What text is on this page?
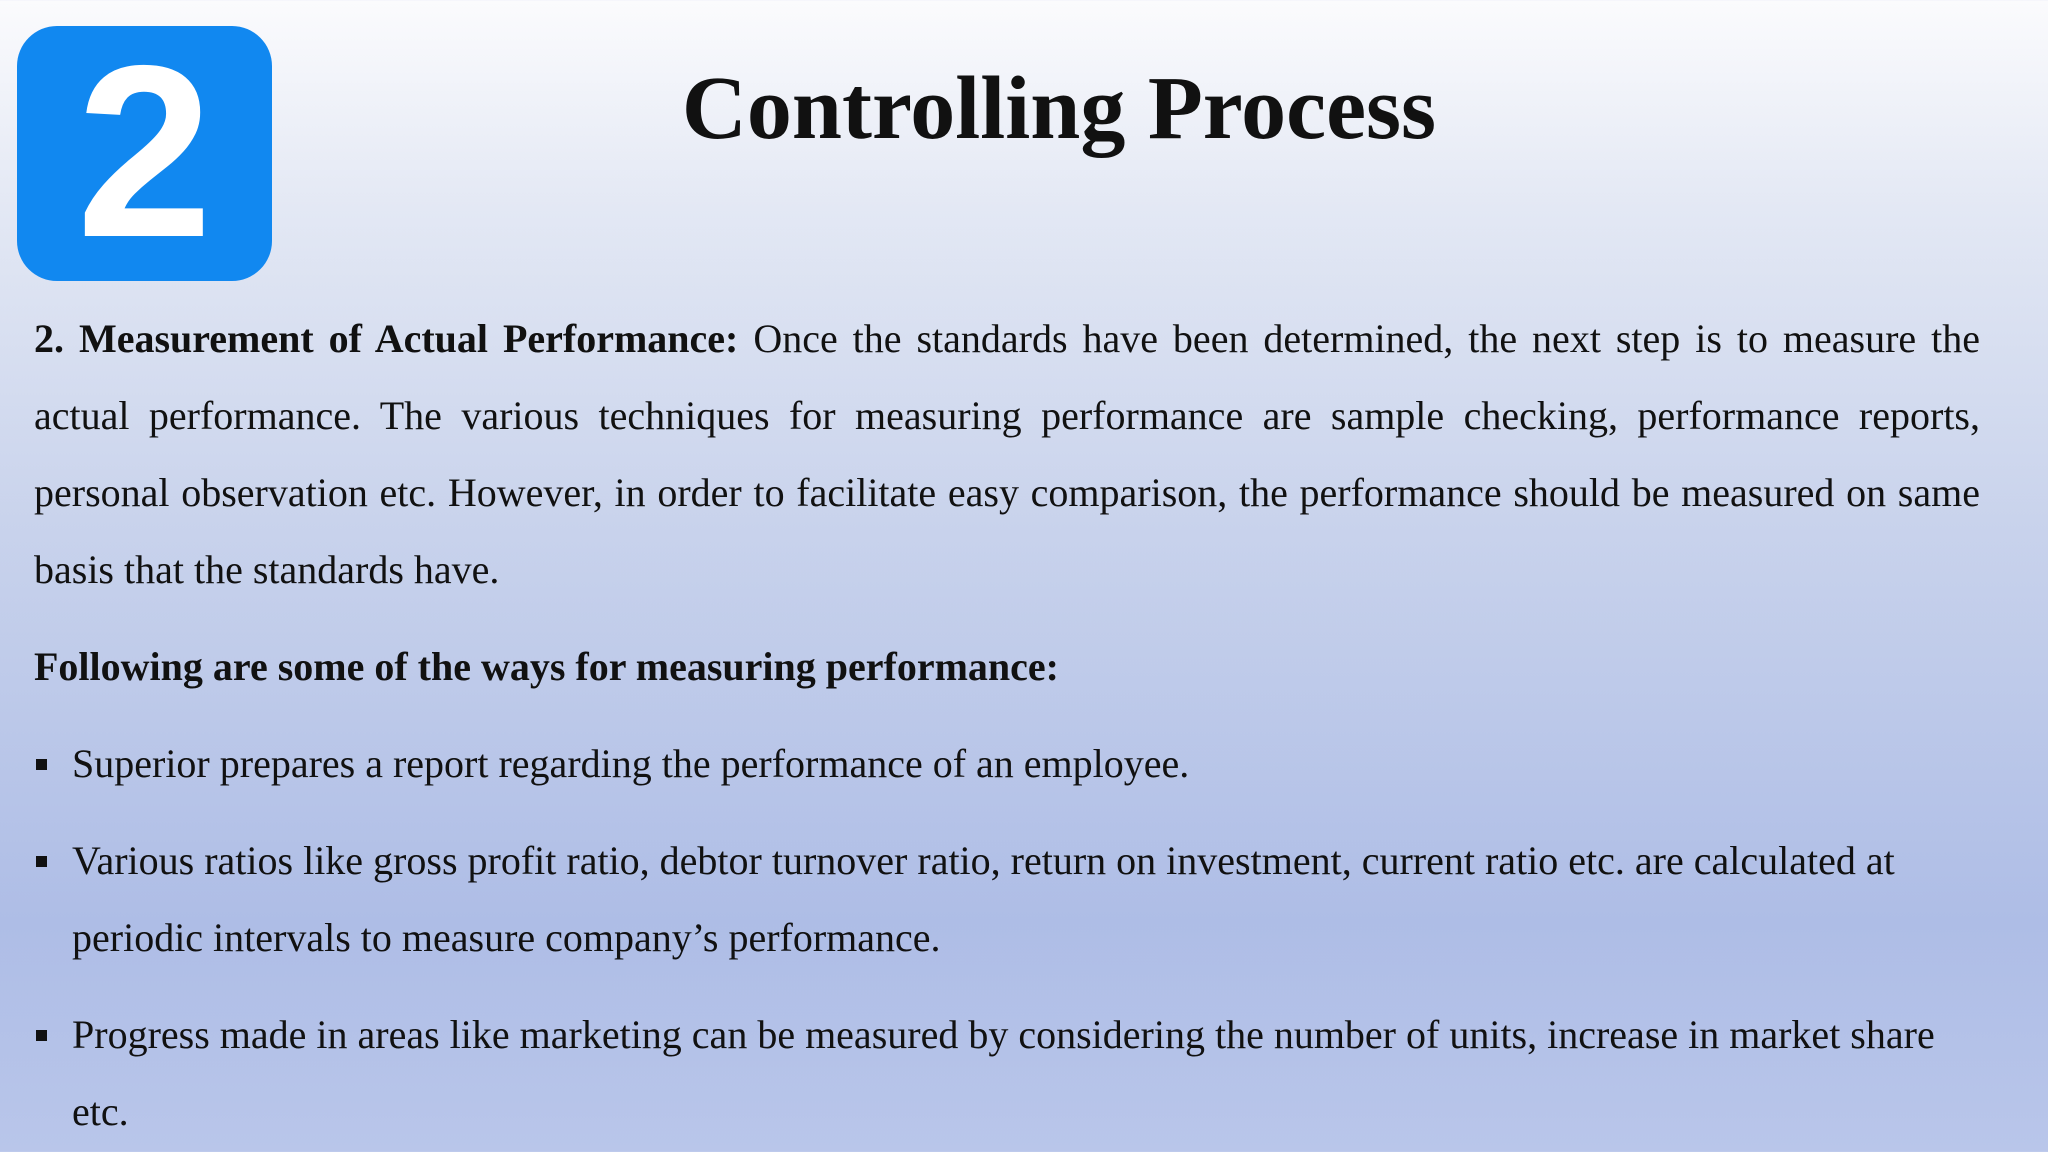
2	Controlling Process

2. Measurement of Actual Performance: Once the standards have been determined, the next step is to measure the actual performance. The various techniques for measuring performance are sample checking, performance reports, personal observation etc. However, in order to facilitate easy comparison, the performance should be measured on same basis that the standards have.

Following are some of the ways for measuring performance:

Superior prepares a report regarding the performance of an employee.
Various ratios like gross profit ratio, debtor turnover ratio, return on investment, current ratio etc. are calculated at periodic intervals to measure company’s performance.
Progress made in areas like marketing can be measured by considering the number of units, increase in market share etc.
